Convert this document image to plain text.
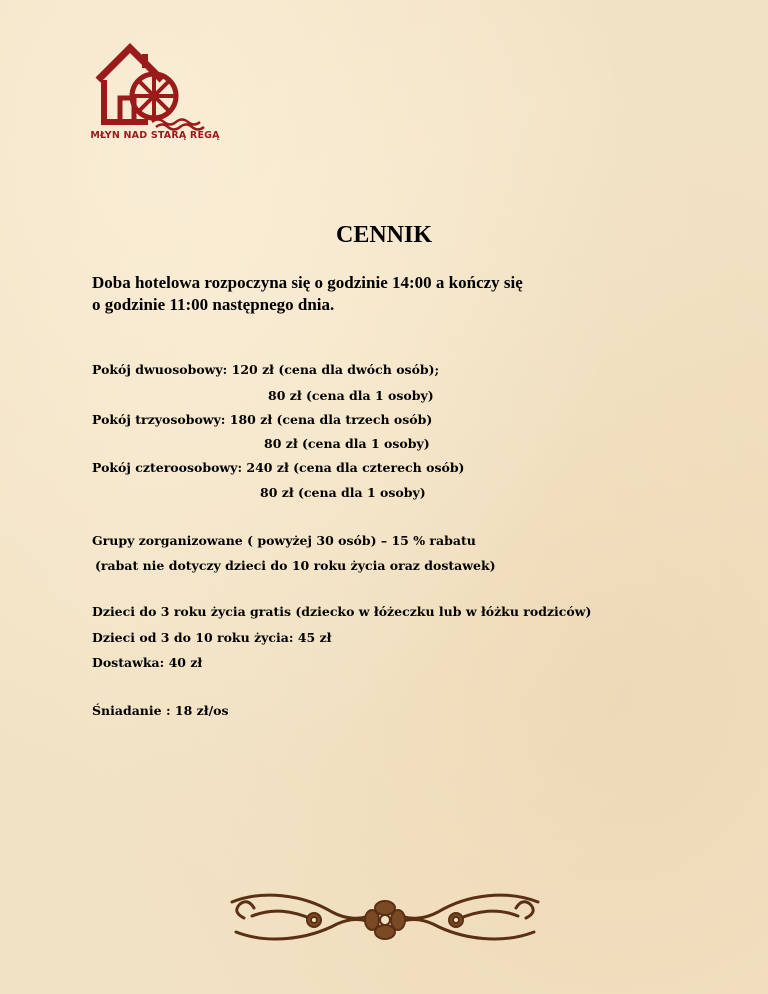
MŁYN NAD STARĄ REGĄ
CENNIK
Doba hotelowa rozpoczyna się o godzinie 14:00 a kończy się
o godzinie 11:00 następnego dnia.
Pokój dwuosobowy: 120 zł (cena dla dwóch osób);
80 zł (cena dla 1 osoby)
Pokój trzyosobowy: 180 zł (cena dla trzech osób)
80 zł (cena dla 1 osoby)
Pokój czteroosobowy: 240 zł (cena dla czterech osób)
80 zł (cena dla 1 osoby)
Grupy zorganizowane ( powyżej 30 osób) – 15 % rabatu
(rabat nie dotyczy dzieci do 10 roku życia oraz dostawek)
Dzieci do 3 roku życia gratis (dziecko w łóżeczku lub w łóżku rodziców)
Dzieci od 3 do 10 roku życia: 45 zł
Dostawka: 40 zł
Śniadanie : 18 zł/os
